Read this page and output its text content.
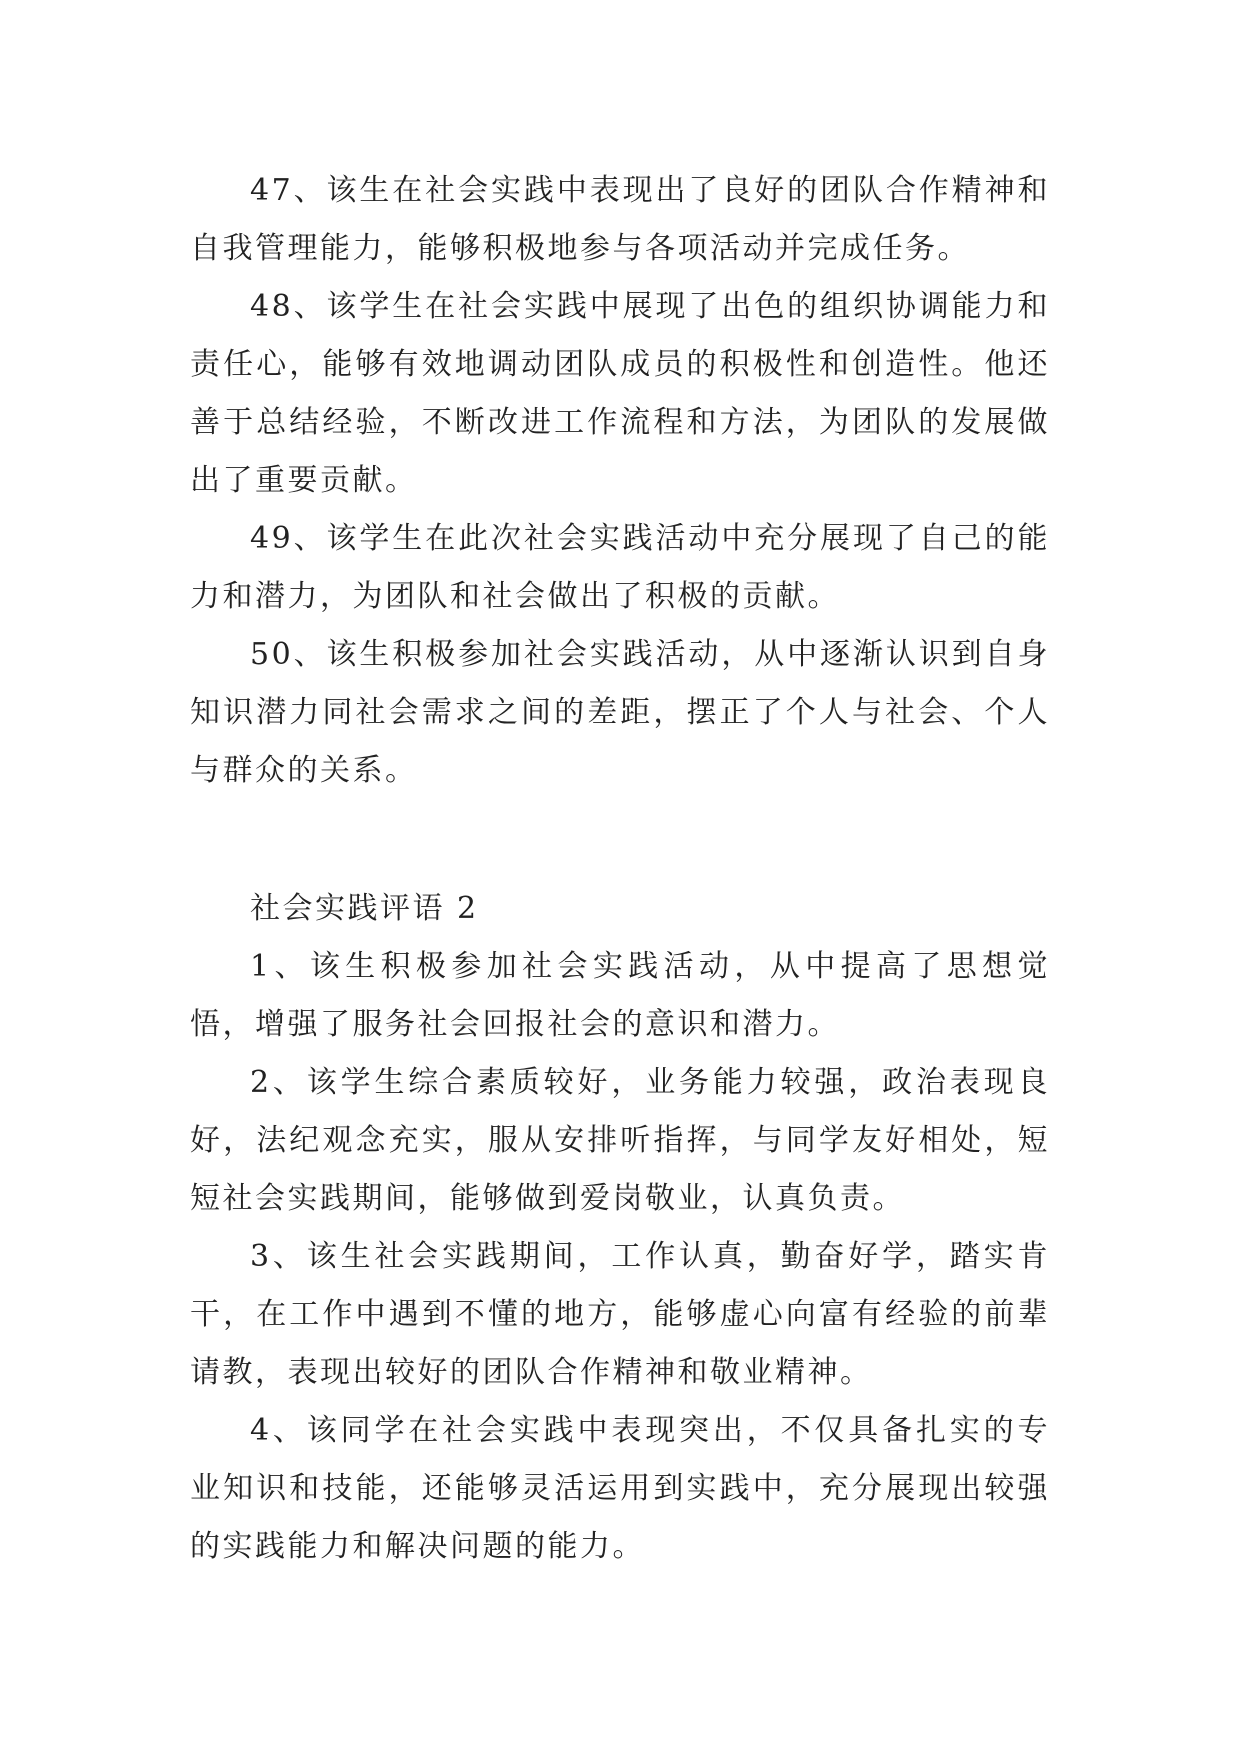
47、该生在社会实践中表现出了良好的团队合作精神和自我管理能力，能够积极地参与各项活动并完成任务。

48、该学生在社会实践中展现了出色的组织协调能力和责任心，能够有效地调动团队成员的积极性和创造性。他还善于总结经验，不断改进工作流程和方法，为团队的发展做出了重要贡献。

49、该学生在此次社会实践活动中充分展现了自己的能力和潜力，为团队和社会做出了积极的贡献。

50、该生积极参加社会实践活动，从中逐渐认识到自身知识潜力同社会需求之间的差距，摆正了个人与社会、个人与群众的关系。

社会实践评语 2

1、该生积极参加社会实践活动，从中提高了思想觉悟，增强了服务社会回报社会的意识和潜力。

2、该学生综合素质较好，业务能力较强，政治表现良好，法纪观念充实，服从安排听指挥，与同学友好相处，短短社会实践期间，能够做到爱岗敬业，认真负责。

3、该生社会实践期间，工作认真，勤奋好学，踏实肯干，在工作中遇到不懂的地方，能够虚心向富有经验的前辈请教，表现出较好的团队合作精神和敬业精神。

4、该同学在社会实践中表现突出，不仅具备扎实的专业知识和技能，还能够灵活运用到实践中，充分展现出较强的实践能力和解决问题的能力。
